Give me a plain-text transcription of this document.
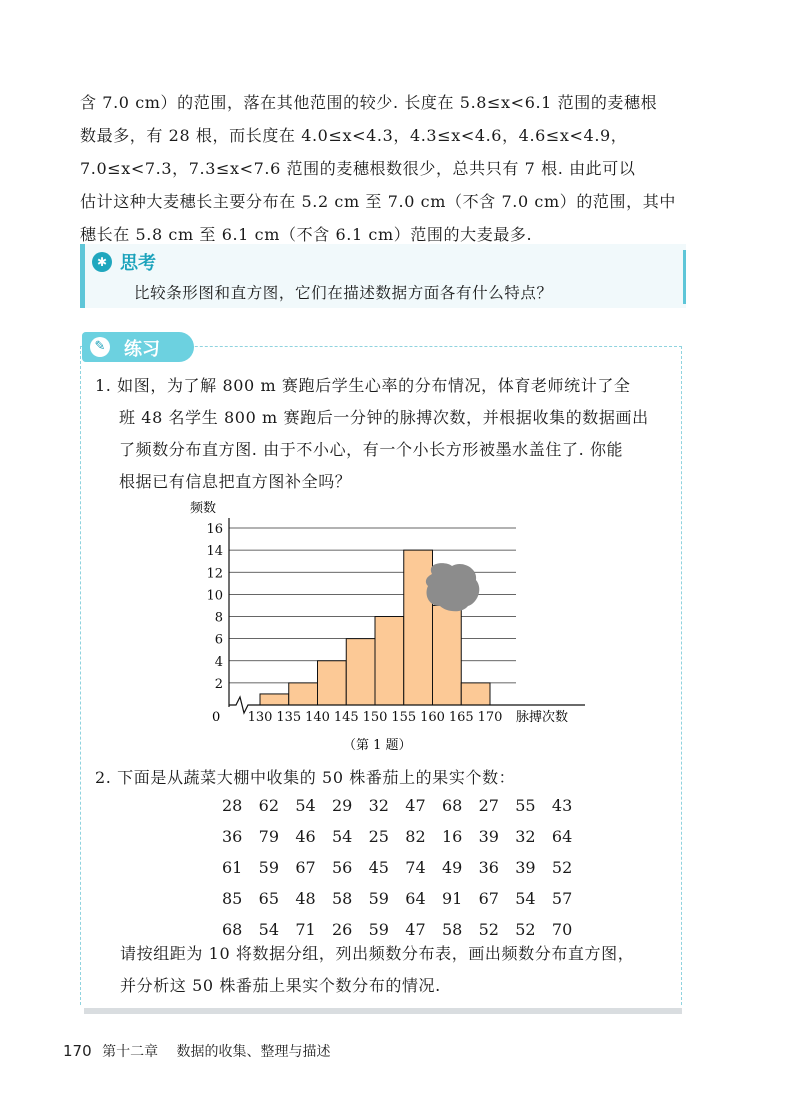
含 7.0 cm）的范围，落在其他范围的较少. 长度在 5.8≤x<6.1 范围的麦穗根

数最多，有 28 根，而长度在 4.0≤x<4.3，4.3≤x<4.6，4.6≤x<4.9，

7.0≤x<7.3，7.3≤x<7.6 范围的麦穗根数很少，总共只有 7 根. 由此可以

估计这种大麦穗长主要分布在 5.2 cm 至 7.0 cm（不含 7.0 cm）的范围，其中

穗长在 5.8 cm 至 6.1 cm（不含 6.1 cm）范围的大麦最多.

✱ 思考
比较条形图和直方图，它们在描述数据方面各有什么特点？
✎ 练习
1. 如图，为了解 800 m 赛跑后学生心率的分布情况，体育老师统计了全
班 48 名学生 800 m 赛跑后一分钟的脉搏次数，并根据收集的数据画出
了频数分布直方图. 由于不小心，有一个小长方形被墨水盖住了. 你能
根据已有信息把直方图补全吗？
频数
脉搏次数
0
（第 1 题）
2
4
6
8
10
12
14
16
130 135 140 145 150 155 160 165 170
2. 下面是从蔬菜大棚中收集的 50 株番茄上的果实个数：
28	62	54	29	32	47	68	27	55	43
36	79	46	54	25	82	16	39	32	64
61	59	67	56	45	74	49	36	39	52
85	65	48	58	59	64	91	67	54	57
68	54	71	26	59	47	58	52	52	70
请按组距为 10 将数据分组，列出频数分布表，画出频数分布直方图，
并分析这 50 株番茄上果实个数分布的情况.
170 第十二章 数据的收集、整理与描述
